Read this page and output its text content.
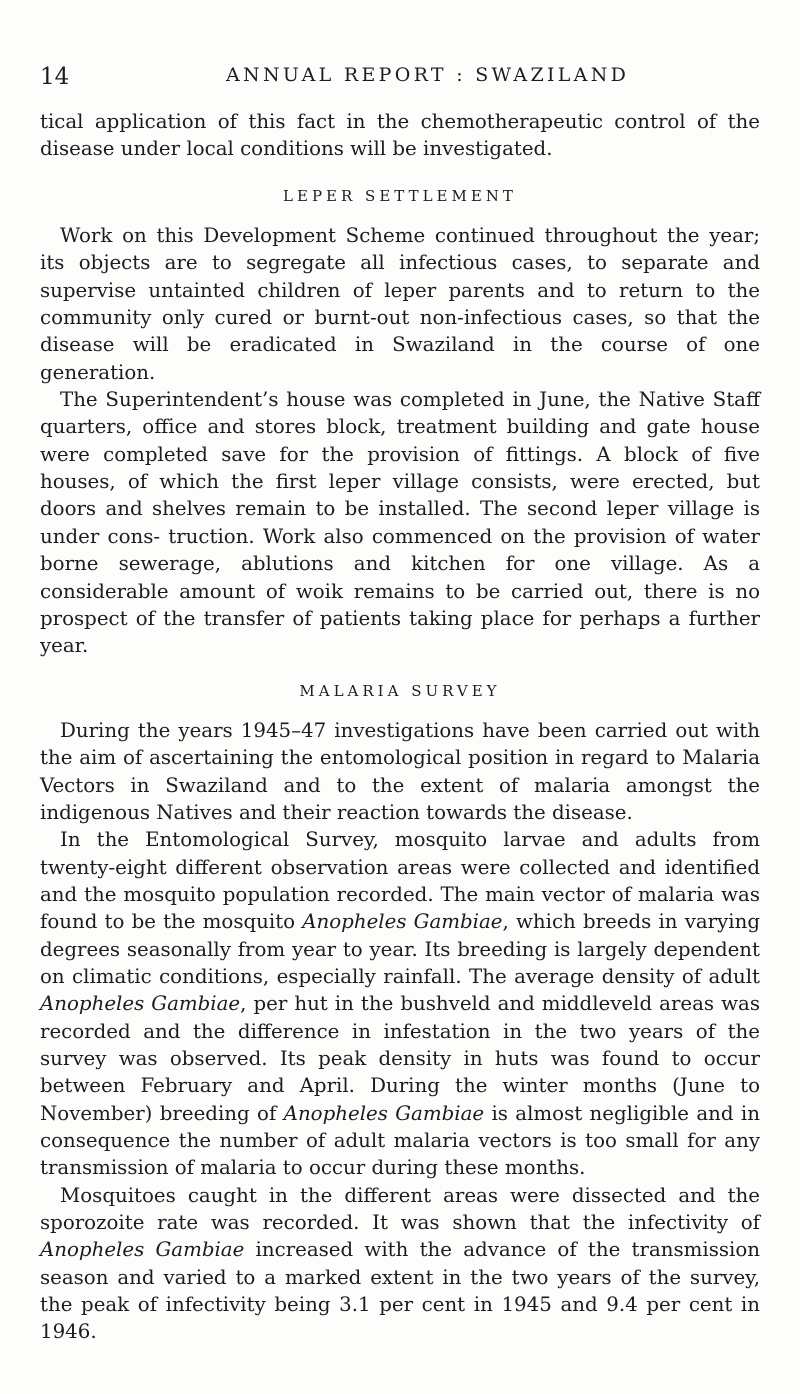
14	ANNUAL REPORT : SWAZILAND

tical application of this fact in the chemotherapeutic control of the disease under local conditions will be investigated.

LEPER SETTLEMENT

Work on this Development Scheme continued throughout the year; its objects are to segregate all infectious cases, to separate and supervise untainted children of leper parents and to return to the community only cured or burnt-out non-infectious cases, so that the disease will be eradicated in Swaziland in the course of one generation.

The Superintendent’s house was completed in June, the Native Staff quarters, office and stores block, treatment building and gate house were completed save for the provision of fittings. A block of five houses, of which the first leper village consists, were erected, but doors and shelves remain to be installed. The second leper village is under cons- truction. Work also commenced on the provision of water borne sewerage, ablutions and kitchen for one village. As a considerable amount of woik remains to be carried out, there is no prospect of the transfer of patients taking place for perhaps a further year.

MALARIA SURVEY

During the years 1945–47 investigations have been carried out with the aim of ascertaining the entomological position in regard to Malaria Vectors in Swaziland and to the extent of malaria amongst the indigenous Natives and their reaction towards the disease.

In the Entomological Survey, mosquito larvae and adults from twenty-eight different observation areas were collected and identified and the mosquito population recorded. The main vector of malaria was found to be the mosquito Anopheles Gambiae, which breeds in varying degrees seasonally from year to year. Its breeding is largely dependent on climatic conditions, especially rainfall. The average density of adult Anopheles Gambiae, per hut in the bushveld and middleveld areas was recorded and the difference in infestation in the two years of the survey was observed. Its peak density in huts was found to occur between February and April. During the winter months (June to November) breeding of Anopheles Gambiae is almost negligible and in consequence the number of adult malaria vectors is too small for any transmission of malaria to occur during these months.

Mosquitoes caught in the different areas were dissected and the sporozoite rate was recorded. It was shown that the infectivity of Anopheles Gambiae increased with the advance of the transmission season and varied to a marked extent in the two years of the survey, the peak of infectivity being 3.1 per cent in 1945 and 9.4 per cent in 1946.
